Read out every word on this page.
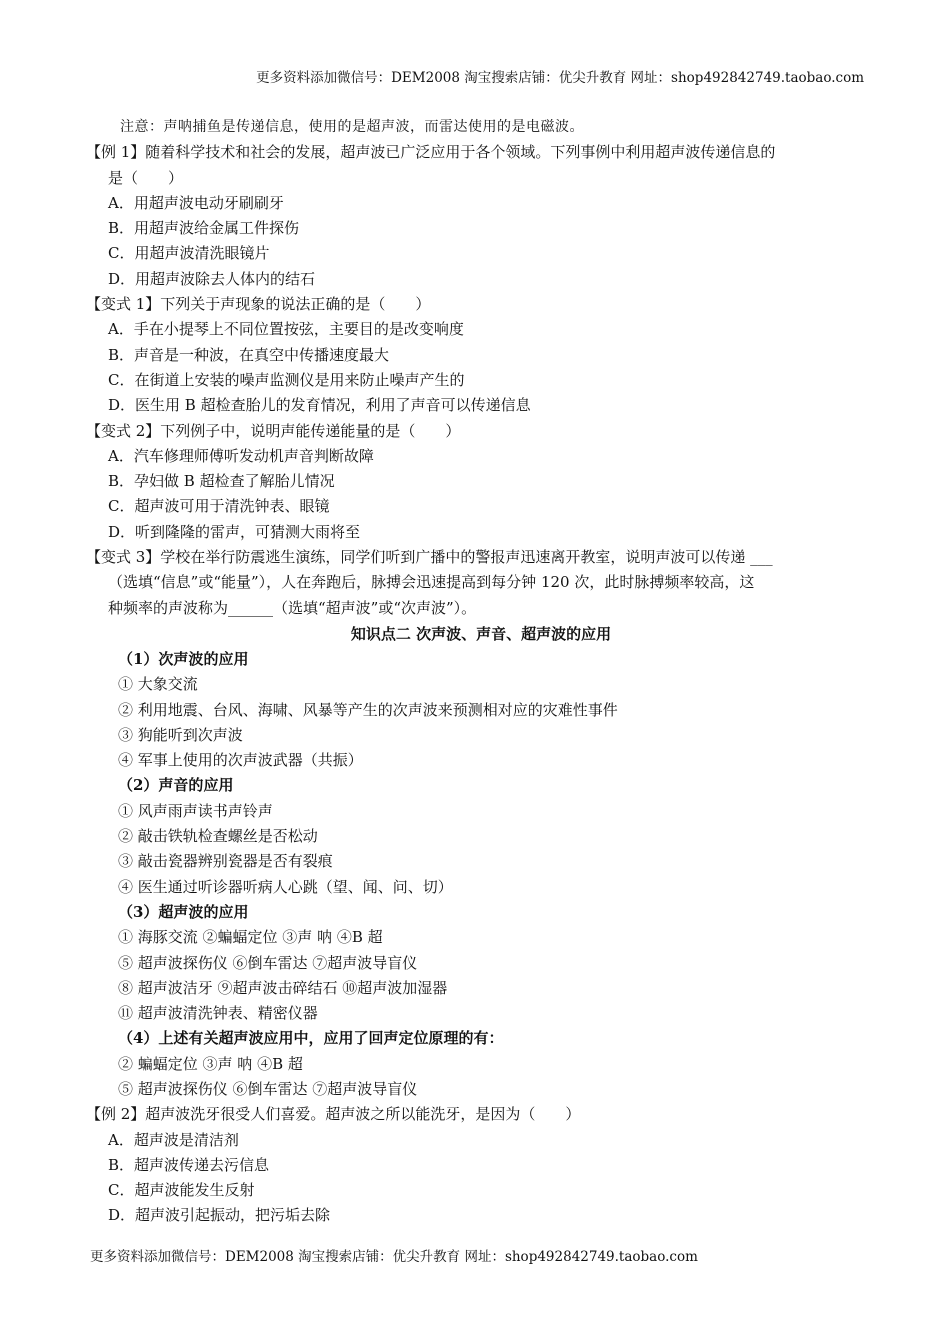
更多资料添加微信号：DEM2008 淘宝搜索店铺：优尖升教育 网址：shop492842749.taobao.com
注意：声呐捕鱼是传递信息，使用的是超声波，而雷达使用的是电磁波。
【例 1】随着科学技术和社会的发展，超声波已广泛应用于各个领域。下列事例中利用超声波传递信息的
是（　　）
A．用超声波电动牙刷刷牙
B．用超声波给金属工件探伤
C．用超声波清洗眼镜片
D．用超声波除去人体内的结石
【变式 1】下列关于声现象的说法正确的是（　　）
A．手在小提琴上不同位置按弦，主要目的是改变响度
B．声音是一种波，在真空中传播速度最大
C．在街道上安装的噪声监测仪是用来防止噪声产生的
D．医生用 B 超检查胎儿的发育情况，利用了声音可以传递信息
【变式 2】下列例子中，说明声能传递能量的是（　　）
A．汽车修理师傅听发动机声音判断故障
B．孕妇做 B 超检查了解胎儿情况
C．超声波可用于清洗钟表、眼镜
D．听到隆隆的雷声，可猜测大雨将至
【变式 3】学校在举行防震逃生演练，同学们听到广播中的警报声迅速离开教室，说明声波可以传递 ___
（选填“信息”或“能量”），人在奔跑后，脉搏会迅速提高到每分钟 120 次，此时脉搏频率较高，这
种频率的声波称为______（选填“超声波”或“次声波”）。
知识点二 次声波、声音、超声波的应用
（1）次声波的应用
① 大象交流
② 利用地震、台风、海啸、风暴等产生的次声波来预测相对应的灾难性事件
③ 狗能听到次声波
④ 军事上使用的次声波武器（共振）
（2）声音的应用
① 风声雨声读书声铃声
② 敲击铁轨检查螺丝是否松动
③ 敲击瓷器辨别瓷器是否有裂痕
④ 医生通过听诊器听病人心跳（望、闻、问、切）
（3）超声波的应用
① 海豚交流 ②蝙蝠定位 ③声 呐 ④B 超
⑤ 超声波探伤仪 ⑥倒车雷达 ⑦超声波导盲仪
⑧ 超声波洁牙 ⑨超声波击碎结石 ⑩超声波加湿器
⑪ 超声波清洗钟表、精密仪器
（4）上述有关超声波应用中，应用了回声定位原理的有：
② 蝙蝠定位 ③声 呐 ④B 超
⑤ 超声波探伤仪 ⑥倒车雷达 ⑦超声波导盲仪
【例 2】超声波洗牙很受人们喜爱。超声波之所以能洗牙，是因为（　　）
A．超声波是清洁剂
B．超声波传递去污信息
C．超声波能发生反射
D．超声波引起振动，把污垢去除
更多资料添加微信号：DEM2008 淘宝搜索店铺：优尖升教育 网址：shop492842749.taobao.com
